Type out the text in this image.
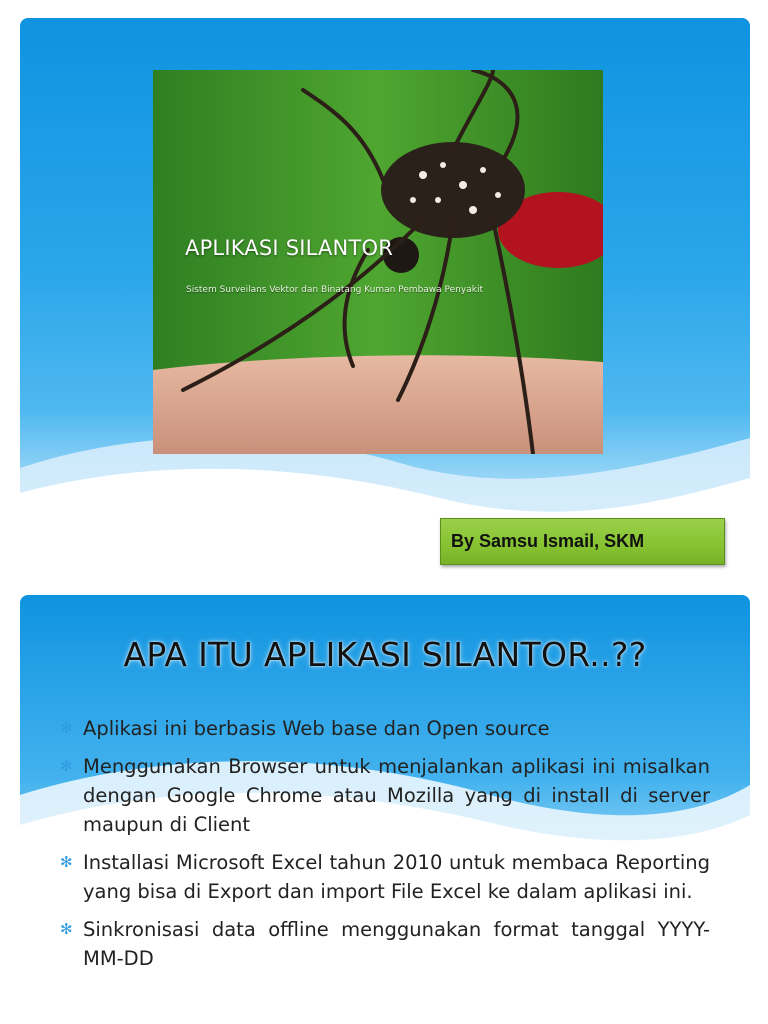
APLIKASI SILANTOR
Sistem Surveilans Vektor dan Binatang Kuman Pembawa Penyakit
By Samsu Ismail, SKM
APA ITU APLIKASI SILANTOR..??
✻ Aplikasi ini berbasis Web base dan Open source
✻ Menggunakan Browser untuk menjalankan aplikasi ini misalkan dengan Google Chrome atau Mozilla yang di install di server maupun di Client
✻ Installasi Microsoft Excel tahun 2010 untuk membaca Reporting yang bisa di Export dan import File Excel ke dalam aplikasi ini.
✻ Sinkronisasi data offline menggunakan format tanggal YYYY-MM-DD
